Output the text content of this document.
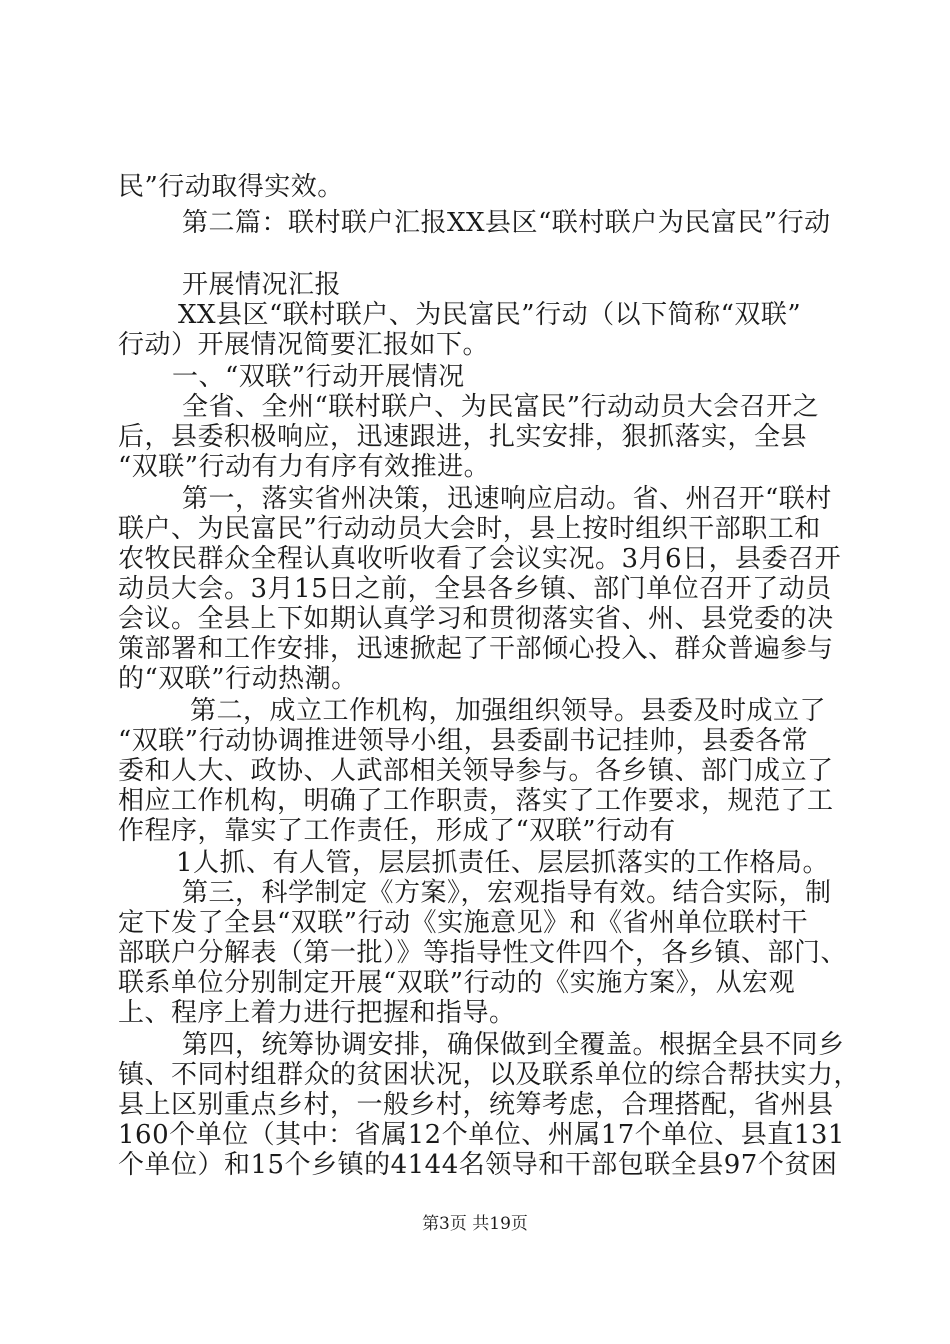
民”行动取得实效。
第二篇：联村联户汇报XX县区“联村联户为民富民”行动
开展情况汇报
XX县区“联村联户、为民富民”行动（以下简称“双联”
行动）开展情况简要汇报如下。
一、“双联”行动开展情况
全省、全州“联村联户、为民富民”行动动员大会召开之
后，县委积极响应，迅速跟进，扎实安排，狠抓落实，全县
“双联”行动有力有序有效推进。
第一，落实省州决策，迅速响应启动。省、州召开“联村
联户、为民富民”行动动员大会时，县上按时组织干部职工和
农牧民群众全程认真收听收看了会议实况。3月6日，县委召开
动员大会。3月15日之前，全县各乡镇、部门单位召开了动员
会议。全县上下如期认真学习和贯彻落实省、州、县党委的决
策部署和工作安排，迅速掀起了干部倾心投入、群众普遍参与
的“双联”行动热潮。
第二，成立工作机构，加强组织领导。县委及时成立了
“双联”行动协调推进领导小组，县委副书记挂帅，县委各常
委和人大、政协、人武部相关领导参与。各乡镇、部门成立了
相应工作机构，明确了工作职责，落实了工作要求，规范了工
作程序，靠实了工作责任，形成了“双联”行动有
1人抓、有人管，层层抓责任、层层抓落实的工作格局。
第三，科学制定《方案》，宏观指导有效。结合实际，制
定下发了全县“双联”行动《实施意见》和《省州单位联村干
部联户分解表（第一批）》等指导性文件四个，各乡镇、部门、
联系单位分别制定开展“双联”行动的《实施方案》，从宏观
上、程序上着力进行把握和指导。
第四，统筹协调安排，确保做到全覆盖。根据全县不同乡
镇、不同村组群众的贫困状况，以及联系单位的综合帮扶实力，
县上区别重点乡村，一般乡村，统筹考虑，合理搭配，省州县
160个单位（其中：省属12个单位、州属17个单位、县直131
个单位）和15个乡镇的4144名领导和干部包联全县97个贫困
第3页 共19页
